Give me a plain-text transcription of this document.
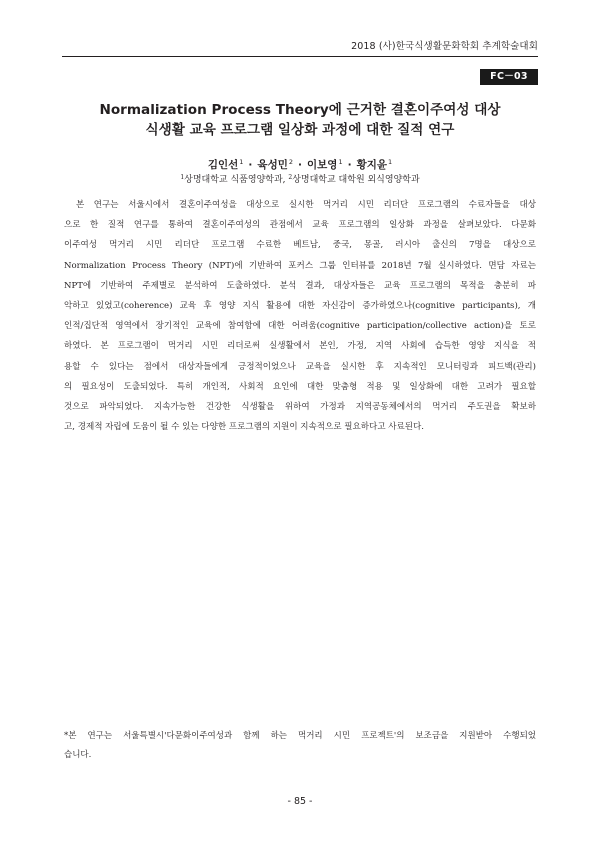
2018 (사)한국식생활문화학회 추계학술대회
FC－03
Normalization Process Theory에 근거한 결혼이주여성 대상
식생활 교육 프로그램 일상화 과정에 대한 질적 연구
김인선$^1$ · 육성민$^2$ · 이보영$^1$ · 황지윤$^1$
$^1$상명대학교 식품영양학과, $^2$상명대학교 대학원 외식영양학과
본 연구는 서울시에서 결혼이주여성을 대상으로 실시한 먹거리 시민 리더단 프로그램의 수료자들을 대상
으로 한 질적 연구를 통하여 결혼이주여성의 관점에서 교육 프로그램의 일상화 과정을 살펴보았다. 다문화
이주여성 먹거리 시민 리더단 프로그램 수료한 베트남, 중국, 몽골, 러시아 출신의 7명을 대상으로
Normalization Process Theory (NPT)에 기반하여 포커스 그룹 인터뷰를 2018년 7월 실시하였다. 면담 자료는
NPT에 기반하여 주제별로 분석하여 도출하였다. 분석 결과, 대상자들은 교육 프로그램의 목적을 충분히 파
악하고 있었고(coherence) 교육 후 영양 지식 활용에 대한 자신감이 증가하였으나(cognitive participants), 개
인적/집단적 영역에서 장기적인 교육에 참여함에 대한 어려움(cognitive participation/collective action)을 토로
하였다. 본 프로그램이 먹거리 시민 리더로써 실생활에서 본인, 가정, 지역 사회에 습득한 영양 지식을 적
용할 수 있다는 점에서 대상자들에게 긍정적이었으나 교육을 실시한 후 지속적인 모니터링과 피드백(관리)
의 필요성이 도출되었다. 특히 개인적, 사회적 요인에 대한 맞춤형 적용 및 일상화에 대한 고려가 필요할
것으로 파악되었다. 지속가능한 건강한 식생활을 위하여 가정과 지역공동체에서의 먹거리 주도권을 확보하
고, 경제적 자립에 도움이 될 수 있는 다양한 프로그램의 지원이 지속적으로 필요하다고 사료된다.
*본 연구는 서울특별시'다문화이주여성과 함께 하는 먹거리 시민 프로젝트'의 보조금을 지원받아 수행되었
습니다.
- 85 -
